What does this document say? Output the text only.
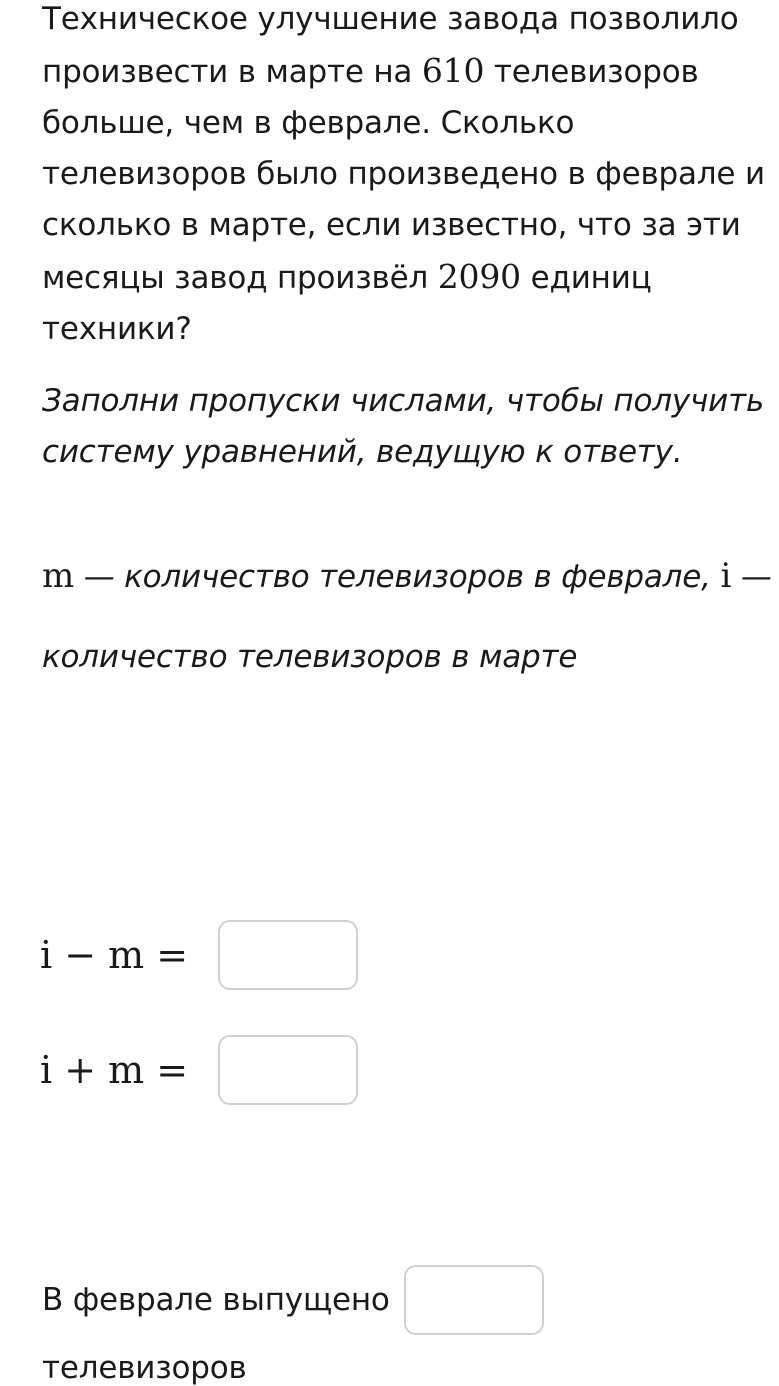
Техническое улучшение завода позволило произвести в марте на 610 телевизоров больше, чем в феврале. Сколько телевизоров было произведено в феврале и сколько в марте, если известно, что за эти месяцы завод произвёл 2090 единиц техники?

Заполни пропуски числами, чтобы получить систему уравнений, ведущую к ответу.

m — количество телевизоров в феврале, i — количество телевизоров в марте

i − m =
i + m =
В феврале выпущено
телевизоров
